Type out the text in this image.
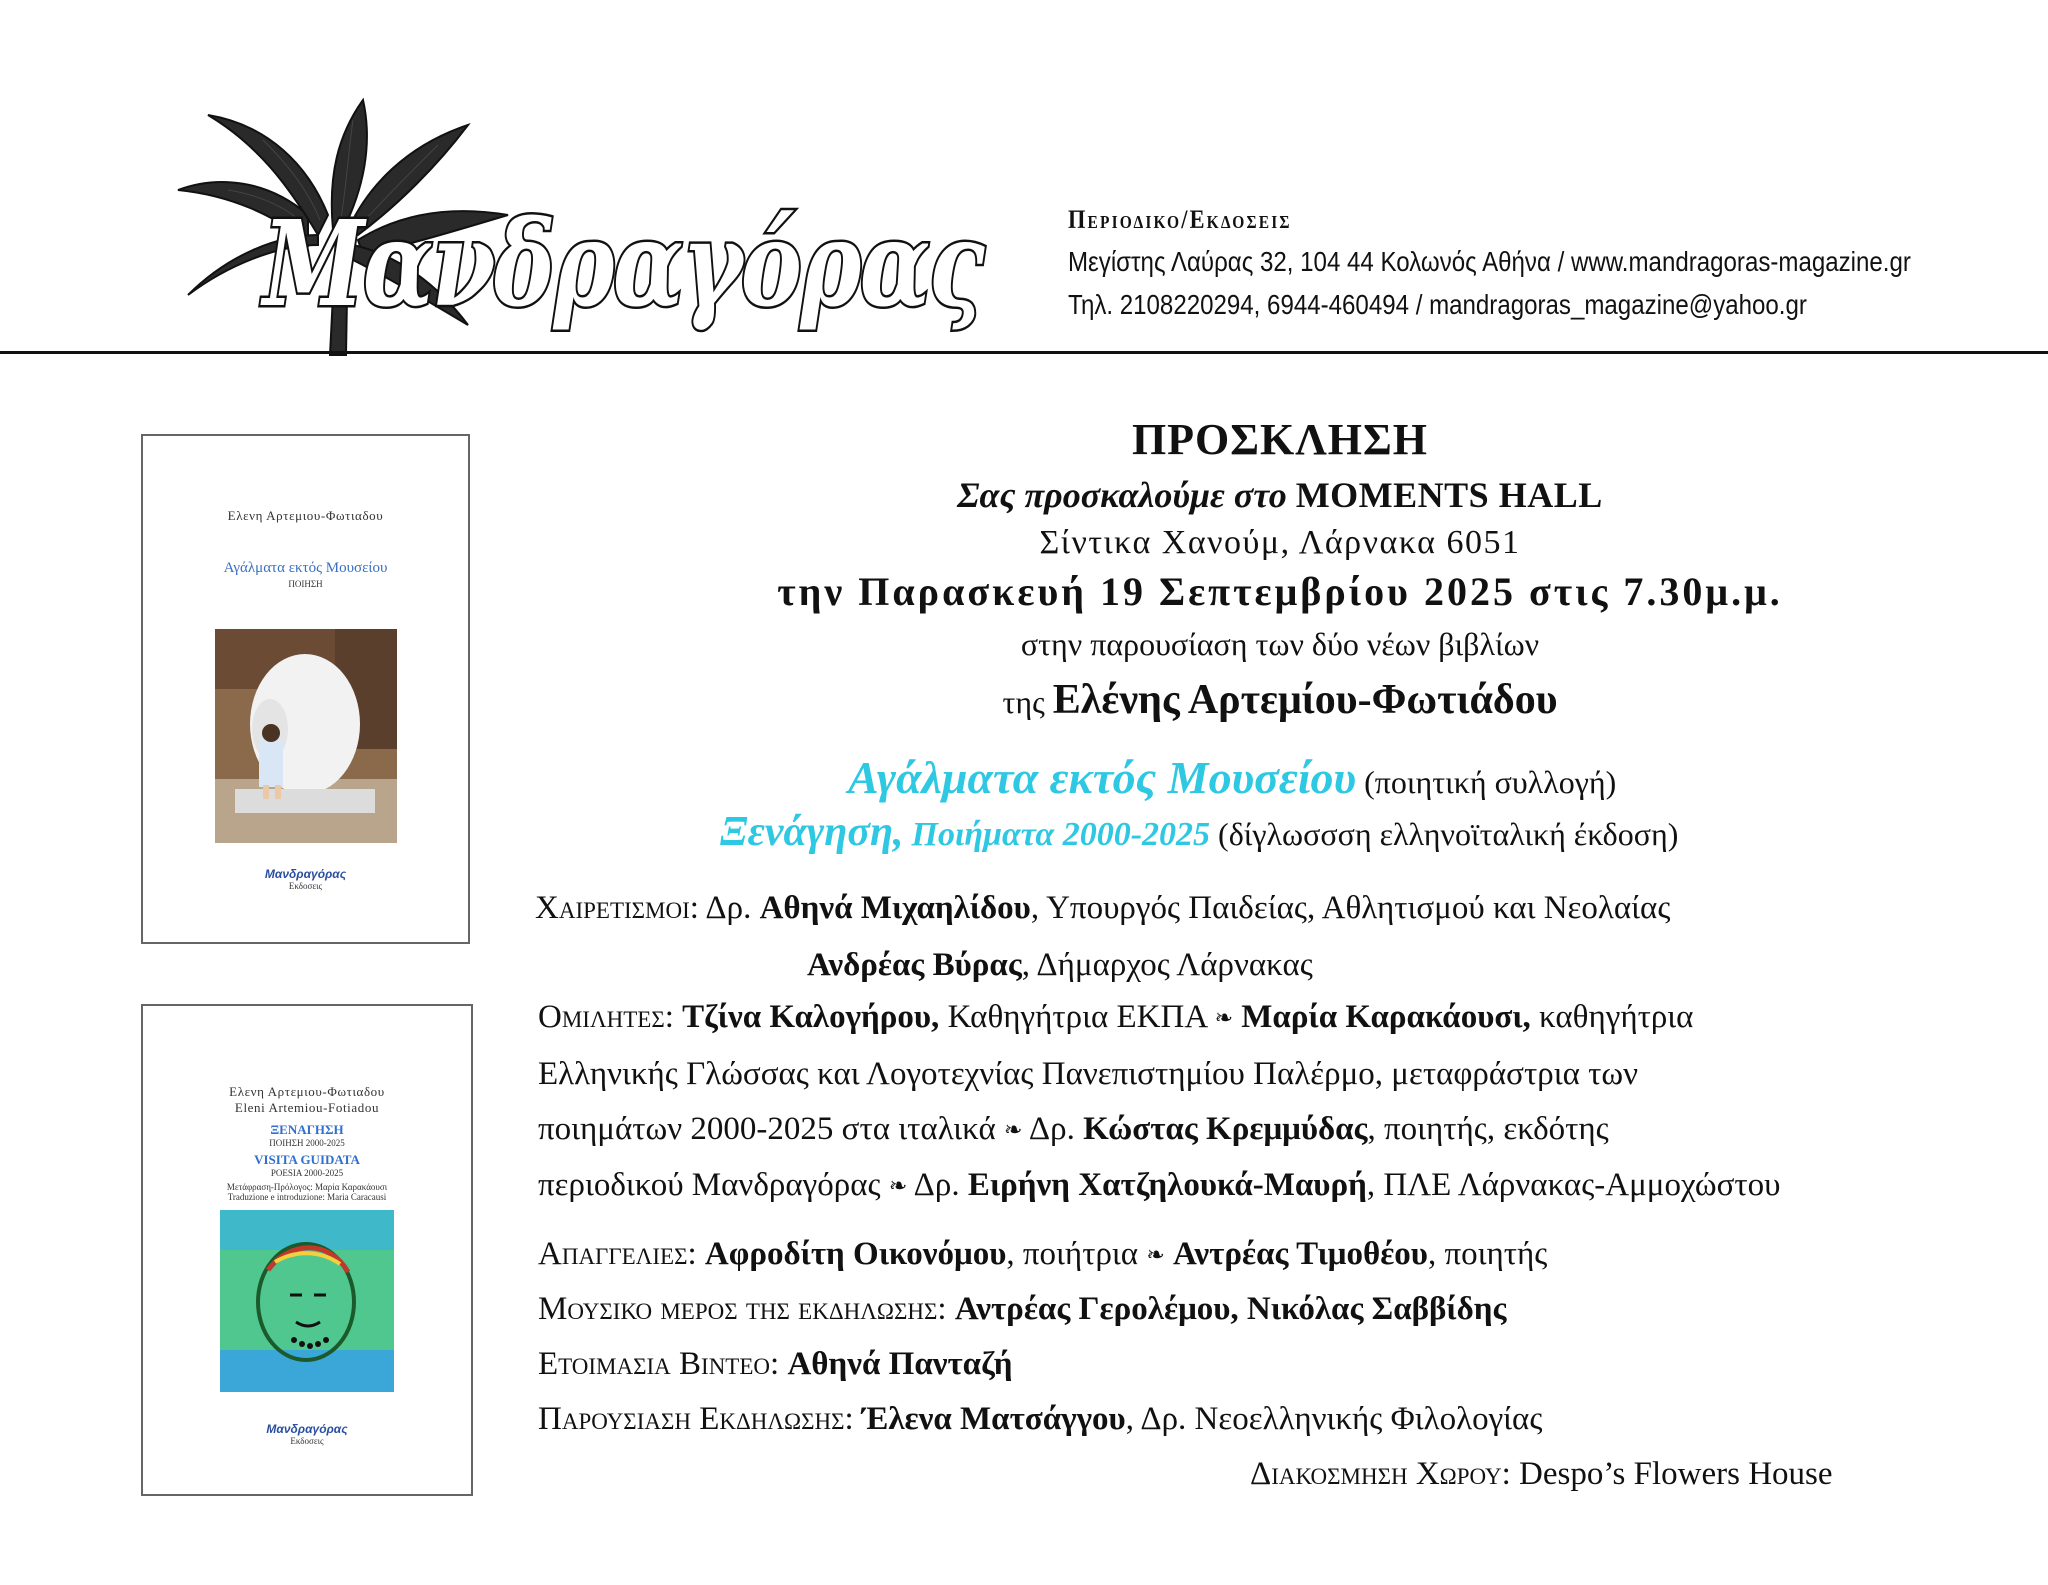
Μανδραγόρας	Περιοδικο/Εκδοσεις
Μεγίστης Λαύρας 32, 104 44 Κολωνός Αθήνα / www.mandragoras-magazine.gr
Τηλ. 2108220294, 6944-460494 / mandragoras_magazine@yahoo.gr
Ελενη Αρτεμιου-Φωτιαδου
Αγάλματα εκτός Μουσείου
ΠΟΙΗΣΗ
Μανδραγόρας
Εκδοσεις
Ελενη Αρτεμιου-Φωτιαδου
Eleni Artemiou-Fotiadou
ΞΕΝΑΓΗΣΗ
ΠΟΙΗΣΗ 2000-2025
VISITA GUIDATA
POESIA 2000-2025
Μετάφραση-Πρόλογος: Μαρία Καρακάουσι
Traduzione e introduzione: Maria Caracausi
Μανδραγόρας
Εκδοσεις
ΠΡΟΣΚΛΗΣΗ
Σας προσκαλούμε στο MOMENTS HALL
Σίντικα Χανούμ, Λάρνακα 6051
την Παρασκευή 19 Σεπτεμβρίου 2025 στις 7.30μ.μ.
στην παρουσίαση των δύο νέων βιβλίων
της Ελένης Αρτεμίου-Φωτιάδου
Αγάλματα εκτός Μουσείου (ποιητική συλλογή)
Ξενάγηση, Ποιήματα 2000-2025 (δίγλωσσση ελληνοϊταλική έκδοση)
Χαιρετισμοι: Δρ. Αθηνά Μιχαηλίδου, Υπουργός Παιδείας, Αθλητισμού και Νεολαίας
Ανδρέας Βύρας, Δήμαρχος Λάρνακας
Ομιλητες: Τζίνα Καλογήρου, Καθηγήτρια ΕΚΠΑ ❧ Μαρία Καρακάουσι, καθηγήτρια
Ελληνικής Γλώσσας και Λογοτεχνίας Πανεπιστημίου Παλέρμο, μεταφράστρια των
ποιημάτων 2000-2025 στα ιταλικά ❧ Δρ. Κώστας Κρεμμύδας, ποιητής, εκδότης
περιοδικού Μανδραγόρας ❧ Δρ. Ειρήνη Χατζηλουκά-Μαυρή, ΠΛΕ Λάρνακας-Αμμοχώστου
Απαγγελιες: Αφροδίτη Οικονόμου, ποιήτρια ❧ Αντρέας Τιμοθέου, ποιητής
Μουσικο μερος της εκδηλωσης: Αντρέας Γερολέμου, Νικόλας Σαββίδης
Ετοιμασια Βιντεο: Αθηνά Πανταζή
Παρουσιαση Εκδηλωσης: Έλενα Ματσάγγου, Δρ. Νεοελληνικής Φιλολογίας
Διακοσμηση Χωρου: Despo’s Flowers House
